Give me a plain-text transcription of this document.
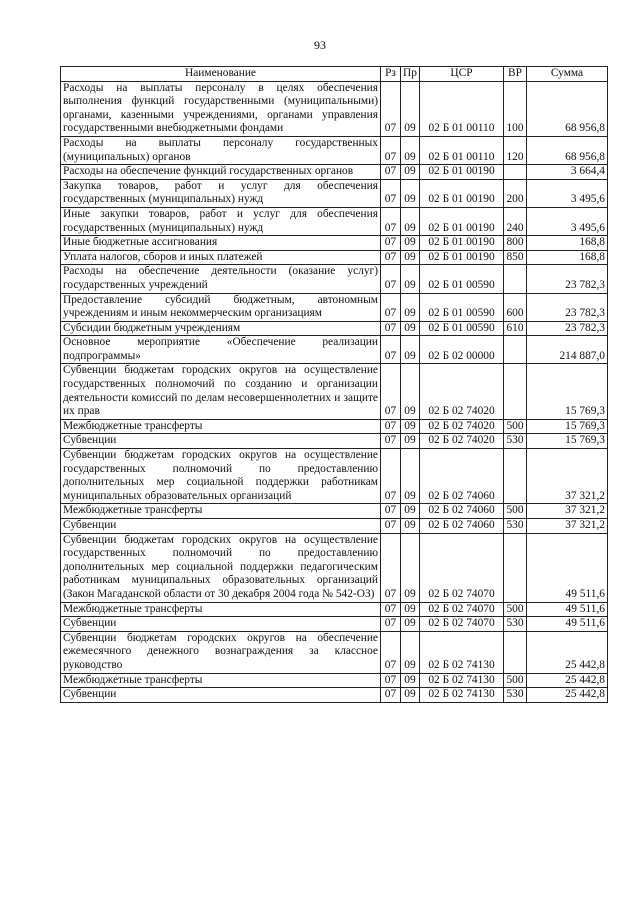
93
Наименование	Рз	Пр	ЦСР	ВР	Сумма
Расходы на выплаты персоналу в целях обеспечения выполнения функций государственными (муниципальными) органами, казенными учреждениями, органами управления государственными внебюджетными фондами	07	09	02 Б 01 00110	100	68 956,8
Расходы на выплаты персоналу государственных (муниципальных) органов	07	09	02 Б 01 00110	120	68 956,8
Расходы на обеспечение функций государственных органов	07	09	02 Б 01 00190		3 664,4
Закупка товаров, работ и услуг для обеспечения государственных (муниципальных) нужд	07	09	02 Б 01 00190	200	3 495,6
Иные закупки товаров, работ и услуг для обеспечения государственных (муниципальных) нужд	07	09	02 Б 01 00190	240	3 495,6
Иные бюджетные ассигнования	07	09	02 Б 01 00190	800	168,8
Уплата налогов, сборов и иных платежей	07	09	02 Б 01 00190	850	168,8
Расходы на обеспечение деятельности (оказание услуг) государственных учреждений	07	09	02 Б 01 00590		23 782,3
Предоставление субсидий бюджетным, автономным учреждениям и иным некоммерческим организациям	07	09	02 Б 01 00590	600	23 782,3
Субсидии бюджетным учреждениям	07	09	02 Б 01 00590	610	23 782,3
Основное мероприятие «Обеспечение реализации подпрограммы»	07	09	02 Б 02 00000		214 887,0
Субвенции бюджетам городских округов на осуществление государственных полномочий по созданию и организации деятельности комиссий по делам несовершеннолетних и защите их прав	07	09	02 Б 02 74020		15 769,3
Межбюджетные трансферты	07	09	02 Б 02 74020	500	15 769,3
Субвенции	07	09	02 Б 02 74020	530	15 769,3
Субвенции бюджетам городских округов на осуществление государственных полномочий по предоставлению дополнительных мер социальной поддержки работникам муниципальных образовательных организаций	07	09	02 Б 02 74060		37 321,2
Межбюджетные трансферты	07	09	02 Б 02 74060	500	37 321,2
Субвенции	07	09	02 Б 02 74060	530	37 321,2
Субвенции бюджетам городских округов на осуществление государственных полномочий по предоставлению дополнительных мер социальной поддержки педагогическим работникам муниципальных образовательных организаций (Закон Магаданской области от 30 декабря 2004 года № 542-ОЗ)	07	09	02 Б 02 74070		49 511,6
Межбюджетные трансферты	07	09	02 Б 02 74070	500	49 511,6
Субвенции	07	09	02 Б 02 74070	530	49 511,6
Субвенции бюджетам городских округов на обеспечение ежемесячного денежного вознаграждения за классное руководство	07	09	02 Б 02 74130		25 442,8
Межбюджетные трансферты	07	09	02 Б 02 74130	500	25 442,8
Субвенции	07	09	02 Б 02 74130	530	25 442,8
